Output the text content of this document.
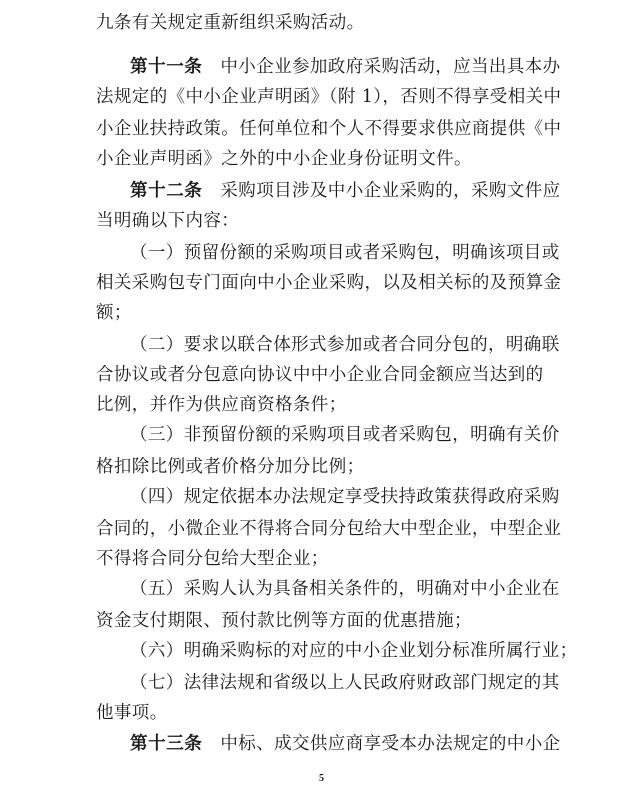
九条有关规定重新组织采购活动。
第十一条 中小企业参加政府采购活动，应当出具本办
法规定的《中小企业声明函》（附 1），否则不得享受相关中
小企业扶持政策。任何单位和个人不得要求供应商提供《中
小企业声明函》之外的中小企业身份证明文件。
第十二条 采购项目涉及中小企业采购的，采购文件应
当明确以下内容：
（一）预留份额的采购项目或者采购包，明确该项目或
相关采购包专门面向中小企业采购，以及相关标的及预算金
额；
（二）要求以联合体形式参加或者合同分包的，明确联
合协议或者分包意向协议中中小企业合同金额应当达到的
比例，并作为供应商资格条件；
（三）非预留份额的采购项目或者采购包，明确有关价
格扣除比例或者价格分加分比例；
（四）规定依据本办法规定享受扶持政策获得政府采购
合同的，小微企业不得将合同分包给大中型企业，中型企业
不得将合同分包给大型企业；
（五）采购人认为具备相关条件的，明确对中小企业在
资金支付期限、预付款比例等方面的优惠措施；
（六）明确采购标的对应的中小企业划分标准所属行业；
（七）法律法规和省级以上人民政府财政部门规定的其
他事项。
第十三条 中标、成交供应商享受本办法规定的中小企
5
